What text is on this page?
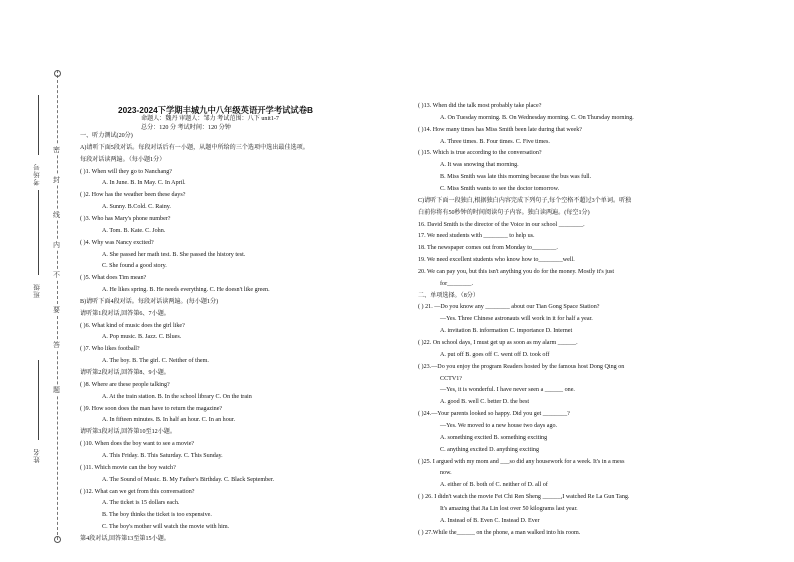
考场号
班级
姓名
密
封
线
内
不
要
答
题
2023-2024下学期丰城九中八年级英语开学考试试卷B
命题人：魏丹 审题人：邹力 考试范围：八下 unit1-7
总分：120 分 考试时间：120 分钟
一、听力测试(20分)
A)请听下面5段对话。每段对话后有一小题，从题中所给的三个选项中选出最佳选项。
每段对话读两遍。（每小题1分）
( )1. When will they go to Nanchang?
A. In June. B. In May. C. In April.
( )2. How has the weather been these days?
A. Sunny. B.Cold. C. Rainy.
( )3. Who has Mary's phone number?
A. Tom. B. Kate. C. John.
( )4. Why was Nancy excited?
A. She passed her math test. B. She passed the history test.
C. She found a good story.
( )5. What does Tim mean?
A. He likes spring. B. He needs everything. C. He doesn't like green.
B)请听下面4段对话。每段对话读两遍。(每小题1分)
请听第1段对话,回答第6、7小题。
( )6. What kind of music does the girl like?
A. Pop music. B. Jazz. C. Blues.
( )7. Who likes football?
A. The boy. B. The girl. C. Neither of them.
请听第2段对话,回答第8、9小题。
( )8. Where are these people talking?
A. At the train station. B. In the school library C. On the train
( )9. How soon does the man have to return the magazine?
A. In fifteen minutes. B. In half an hour. C. In an hour.
请听第3段对话,回答第10至12小题。
( )10. When does the boy want to see a movie?
A. This Friday. B. This Saturday. C. This Sunday.
( )11. Which movie can the boy watch?
A. The Sound of Music. B. My Father's Birthday. C. Black September.
( )12. What can we get from this conversation?
A. The ticket is 15 dollars each.
B. The boy thinks the ticket is too expensive.
C. The boy's mother will watch the movie with him.
第4段对话,回答第13至第15小题。
( )13. When did the talk most probably take place?
A. On Tuesday morning. B. On Wednesday morning. C. On Thursday morning.
( )14. How many times has Miss Smith been late during that week?
A. Three times. B. Four times. C. Five times.
( )15. Which is true according to the conversation?
A. It was snowing that morning.
B. Miss Smith was late this morning because the bus was full.
C. Miss Smith wants to see the doctor tomorrow.
C)请听下面一段独白,根据独白内容完成下列句子,每个空格不超过3个单词。听独
白前你将有50秒钟的时间阅读句子内容。独白读两遍。(每空1分)
16. David Smith is the director of the Voice in our school ________.
17. We need students with ________ to help us.
18. The newspaper comes out from Monday to________.
19. We need excellent students who know how to________well.
20. We can pay you, but this isn't anything you do for the money. Mostly it's just
for________.
二、单项选择。（8分）
( ) 21. —Do you know any ________ about our Tian Gong Space Station?
—Yes. Three Chinese astronauts will work in it for half a year.
A. invitation B. information C. importance D. Internet
( )22. On school days, I must get up as soon as my alarm ______.
A. put off B. goes off C. went off D. took off
( )23.—Do you enjoy the program Readers hosted by the famous host Dong Qing on
CCTV1?
—Yes, it is wonderful. I have never seen a ______ one.
A. good B. well C. better D. the best
( )24.—Your parents looked so happy. Did you get ________?
—Yes. We moved to a new house two days ago.
A. something excited B. something exciting
C. anything excited D. anything exciting
( )25. I argued with my mom and ___so did any housework for a week. It's in a mess
now.
A. either of B. both of C. neither of D. all of
( ) 26. I didn't watch the movie Fei Chi Ren Sheng ______,I watched Re La Gun Tang.
It's amazing that Jia Lin lost over 50 kilograms last year.
A. Instead of B. Even C. Instead D. Ever
( ) 27.While the______ on the phone, a man walked into his room.
